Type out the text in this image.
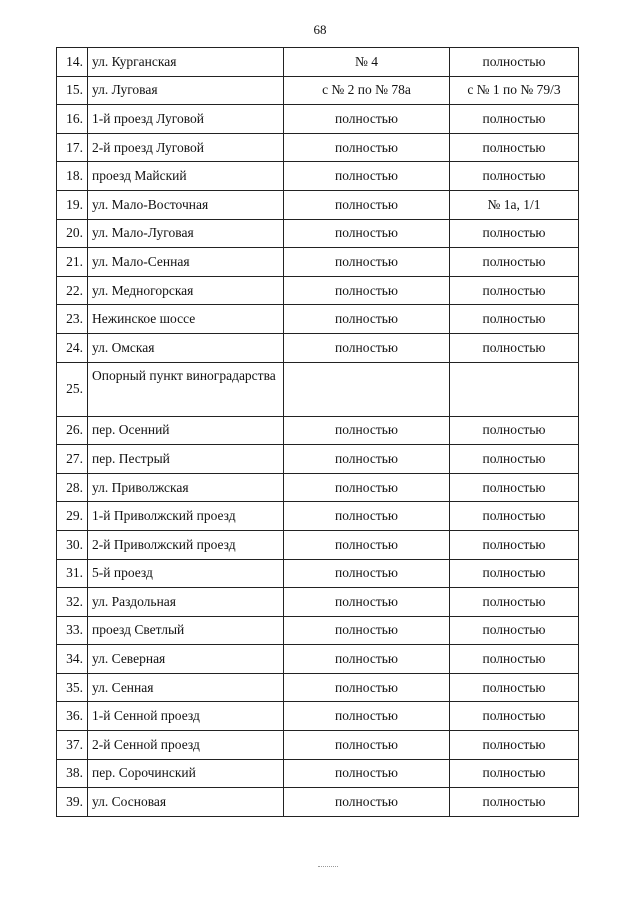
68
14.	ул. Курганская	№ 4	полностью
15.	ул. Луговая	с № 2 по № 78а	с № 1 по № 79/3
16.	1-й проезд Луговой	полностью	полностью
17.	2-й проезд Луговой	полностью	полностью
18.	проезд Майский	полностью	полностью
19.	ул. Мало-Восточная	полностью	№ 1а, 1/1
20.	ул. Мало-Луговая	полностью	полностью
21.	ул. Мало-Сенная	полностью	полностью
22.	ул. Медногорская	полностью	полностью
23.	Нежинское шоссе	полностью	полностью
24.	ул. Омская	полностью	полностью
25.	Опорный пункт виноградарства		
26.	пер. Осенний	полностью	полностью
27.	пер. Пестрый	полностью	полностью
28.	ул. Приволжская	полностью	полностью
29.	1-й Приволжский проезд	полностью	полностью
30.	2-й Приволжский проезд	полностью	полностью
31.	5-й проезд	полностью	полностью
32.	ул. Раздольная	полностью	полностью
33.	проезд Светлый	полностью	полностью
34.	ул. Северная	полностью	полностью
35.	ул. Сенная	полностью	полностью
36.	1-й Сенной проезд	полностью	полностью
37.	2-й Сенной проезд	полностью	полностью
38.	пер. Сорочинский	полностью	полностью
39.	ул. Сосновая	полностью	полностью
